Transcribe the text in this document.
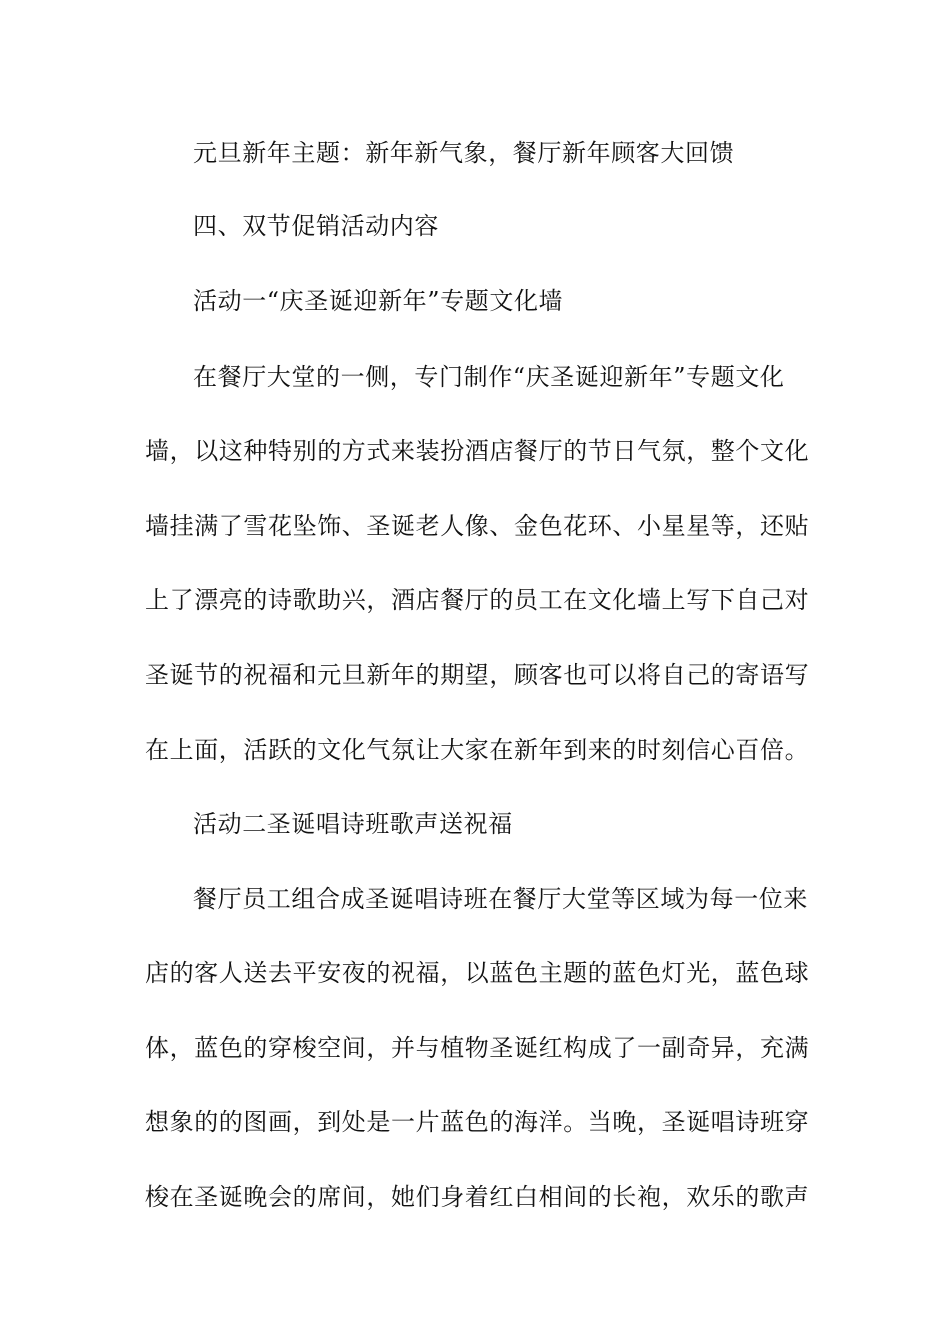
元旦新年主题：新年新气象，餐厅新年顾客大回馈
四、双节促销活动内容
活动一“庆圣诞迎新年”专题文化墙
在餐厅大堂的一侧，专门制作“庆圣诞迎新年”专题文化
墙，以这种特别的方式来装扮酒店餐厅的节日气氛，整个文化
墙挂满了雪花坠饰、圣诞老人像、金色花环、小星星等，还贴
上了漂亮的诗歌助兴，酒店餐厅的员工在文化墙上写下自己对
圣诞节的祝福和元旦新年的期望，顾客也可以将自己的寄语写
在上面，活跃的文化气氛让大家在新年到来的时刻信心百倍。
活动二圣诞唱诗班歌声送祝福
餐厅员工组合成圣诞唱诗班在餐厅大堂等区域为每一位来
店的客人送去平安夜的祝福，以蓝色主题的蓝色灯光，蓝色球
体，蓝色的穿梭空间，并与植物圣诞红构成了一副奇异，充满
想象的的图画，到处是一片蓝色的海洋。当晚，圣诞唱诗班穿
梭在圣诞晚会的席间，她们身着红白相间的长袍，欢乐的歌声
